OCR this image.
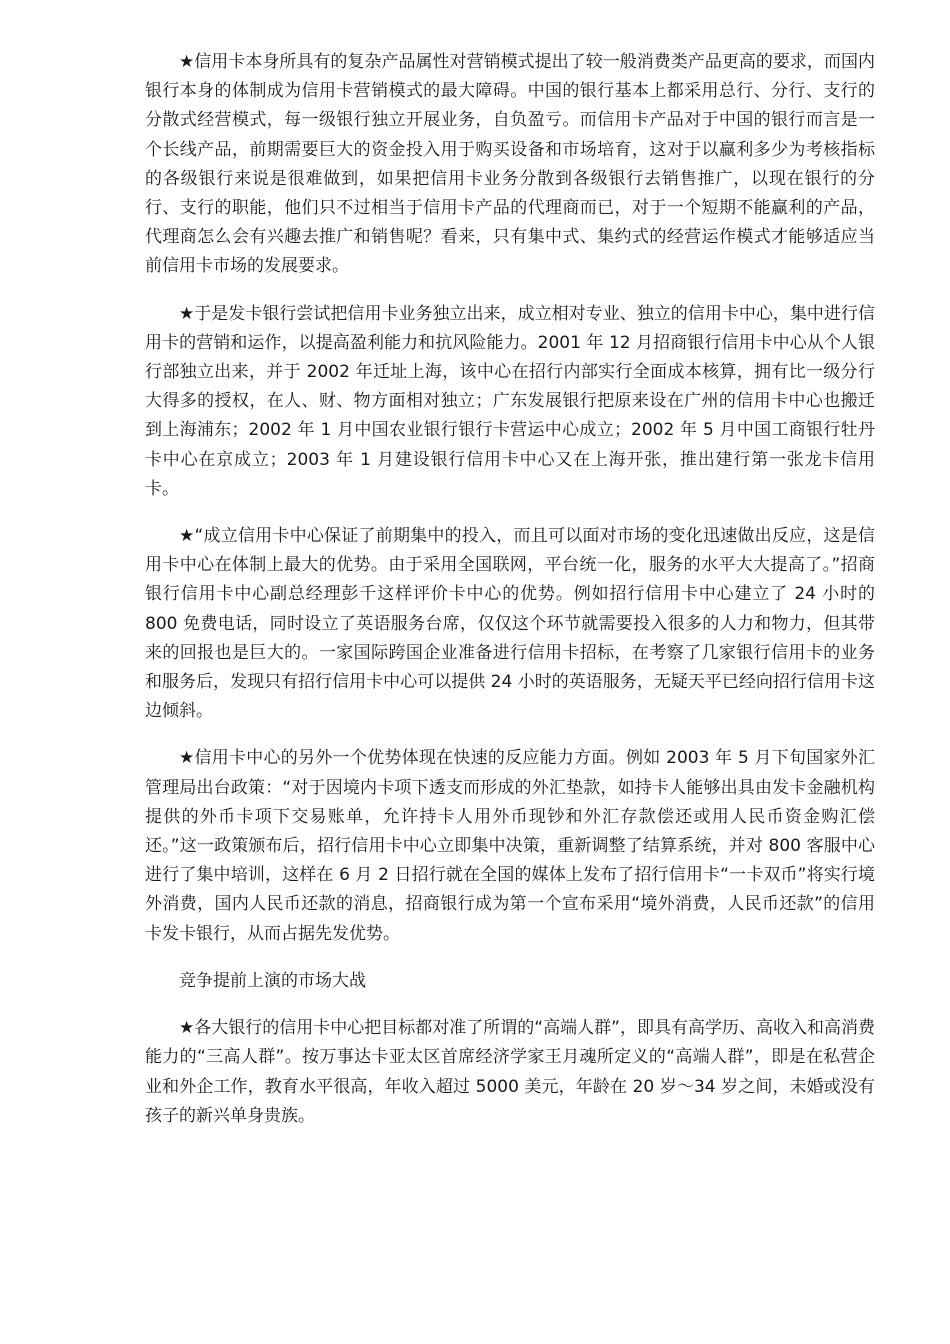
★信用卡本身所具有的复杂产品属性对营销模式提出了较一般消费类产品更高的要求，而国内银行本身的体制成为信用卡营销模式的最大障碍。中国的银行基本上都采用总行、分行、支行的分散式经营模式，每一级银行独立开展业务，自负盈亏。而信用卡产品对于中国的银行而言是一个长线产品，前期需要巨大的资金投入用于购买设备和市场培育，这对于以赢利多少为考核指标的各级银行来说是很难做到，如果把信用卡业务分散到各级银行去销售推广，以现在银行的分行、支行的职能，他们只不过相当于信用卡产品的代理商而已，对于一个短期不能赢利的产品，代理商怎么会有兴趣去推广和销售呢？看来，只有集中式、集约式的经营运作模式才能够适应当前信用卡市场的发展要求。

★于是发卡银行尝试把信用卡业务独立出来，成立相对专业、独立的信用卡中心，集中进行信用卡的营销和运作，以提高盈利能力和抗风险能力。2001 年 12 月招商银行信用卡中心从个人银行部独立出来，并于 2002 年迁址上海，该中心在招行内部实行全面成本核算，拥有比一级分行大得多的授权，在人、财、物方面相对独立；广东发展银行把原来设在广州的信用卡中心也搬迁到上海浦东；2002 年 1 月中国农业银行银行卡营运中心成立；2002 年 5 月中国工商银行牡丹卡中心在京成立；2003 年 1 月建设银行信用卡中心又在上海开张，推出建行第一张龙卡信用卡。

★“成立信用卡中心保证了前期集中的投入，而且可以面对市场的变化迅速做出反应，这是信用卡中心在体制上最大的优势。由于采用全国联网，平台统一化，服务的水平大大提高了。”招商银行信用卡中心副总经理彭千这样评价卡中心的优势。例如招行信用卡中心建立了 24 小时的 800 免费电话，同时设立了英语服务台席，仅仅这个环节就需要投入很多的人力和物力，但其带来的回报也是巨大的。一家国际跨国企业准备进行信用卡招标，在考察了几家银行信用卡的业务和服务后，发现只有招行信用卡中心可以提供 24 小时的英语服务，无疑天平已经向招行信用卡这边倾斜。

★信用卡中心的另外一个优势体现在快速的反应能力方面。例如 2003 年 5 月下旬国家外汇管理局出台政策：“对于因境内卡项下透支而形成的外汇垫款，如持卡人能够出具由发卡金融机构提供的外币卡项下交易账单，允许持卡人用外币现钞和外汇存款偿还或用人民币资金购汇偿还。”这一政策颁布后，招行信用卡中心立即集中决策，重新调整了结算系统，并对 800 客服中心进行了集中培训，这样在 6 月 2 日招行就在全国的媒体上发布了招行信用卡“一卡双币”将实行境外消费，国内人民币还款的消息，招商银行成为第一个宣布采用“境外消费，人民币还款”的信用卡发卡银行，从而占据先发优势。

竞争提前上演的市场大战

★各大银行的信用卡中心把目标都对准了所谓的“高端人群”，即具有高学历、高收入和高消费能力的“三高人群”。按万事达卡亚太区首席经济学家王月魂所定义的“高端人群”，即是在私营企业和外企工作，教育水平很高，年收入超过 5000 美元，年龄在 20 岁～34 岁之间，未婚或没有孩子的新兴单身贵族。
